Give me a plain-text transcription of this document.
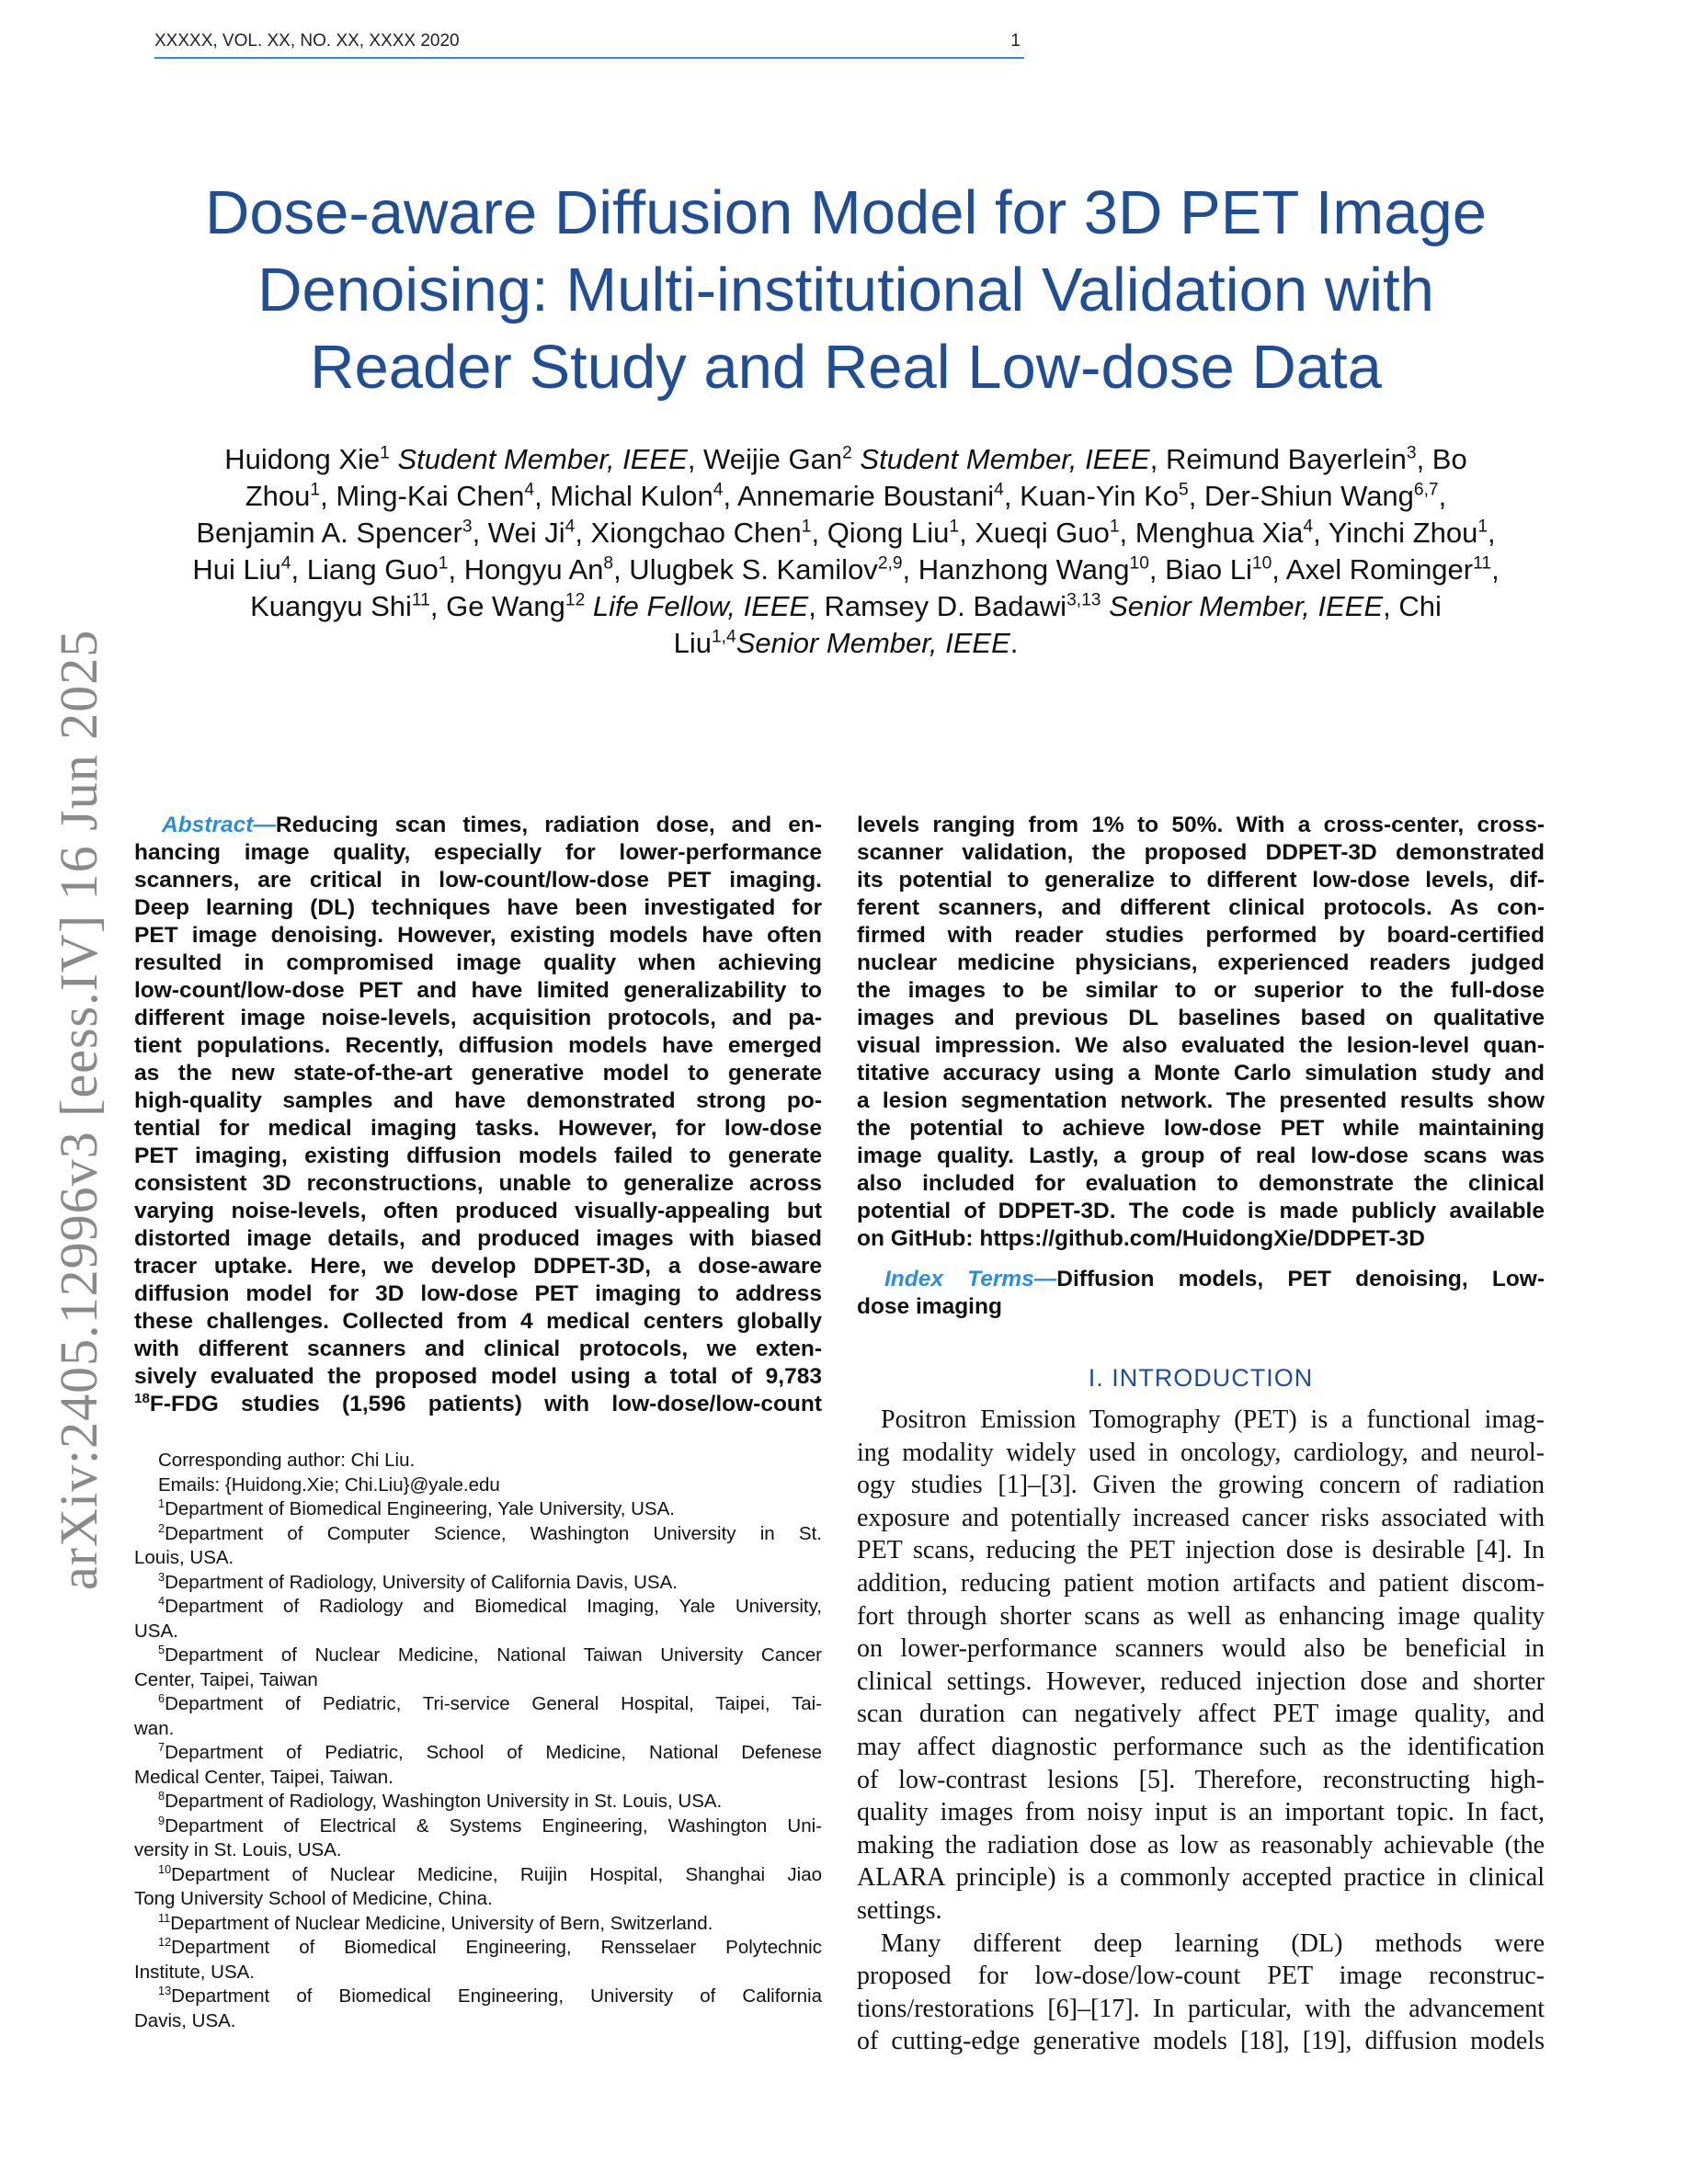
XXXXX, VOL. XX, NO. XX, XXXX 2020	1
Dose-aware Diffusion Model for 3D PET Image
Denoising: Multi-institutional Validation with
Reader Study and Real Low-dose Data
Huidong Xie$^1$ Student Member, IEEE, Weijie Gan$^2$ Student Member, IEEE, Reimund Bayerlein$^3$, Bo
Zhou$^1$, Ming-Kai Chen$^4$, Michal Kulon$^4$, Annemarie Boustani$^4$, Kuan-Yin Ko$^5$, Der-Shiun Wang$^{6,7}$,
Benjamin A. Spencer$^3$, Wei Ji$^4$, Xiongchao Chen$^1$, Qiong Liu$^1$, Xueqi Guo$^1$, Menghua Xia$^4$, Yinchi Zhou$^1$,
Hui Liu$^4$, Liang Guo$^1$, Hongyu An$^8$, Ulugbek S. Kamilov$^{2,9}$, Hanzhong Wang$^{10}$, Biao Li$^{10}$, Axel Rominger$^{11}$,
Kuangyu Shi$^{11}$, Ge Wang$^{12}$ Life Fellow, IEEE, Ramsey D. Badawi$^{3,13}$ Senior Member, IEEE, Chi
Liu$^{1,4}$Senior Member, IEEE.
arXiv:2405.12996v3 [eess.IV] 16 Jun 2025	Abstract—Reducing scan times, radiation dose, and en-
hancing image quality, especially for lower-performance
scanners, are critical in low-count/low-dose PET imaging.
Deep learning (DL) techniques have been investigated for
PET image denoising. However, existing models have often
resulted in compromised image quality when achieving
low-count/low-dose PET and have limited generalizability to
different image noise-levels, acquisition protocols, and pa-
tient populations. Recently, diffusion models have emerged
as the new state-of-the-art generative model to generate
high-quality samples and have demonstrated strong po-
tential for medical imaging tasks. However, for low-dose
PET imaging, existing diffusion models failed to generate
consistent 3D reconstructions, unable to generalize across
varying noise-levels, often produced visually-appealing but
distorted image details, and produced images with biased
tracer uptake. Here, we develop DDPET-3D, a dose-aware
diffusion model for 3D low-dose PET imaging to address
these challenges. Collected from 4 medical centers globally
with different scanners and clinical protocols, we exten-
sively evaluated the proposed model using a total of 9,783
$^{18}$F-FDG studies (1,596 patients) with low-dose/low-count
levels ranging from 1% to 50%. With a cross-center, cross-
scanner validation, the proposed DDPET-3D demonstrated
its potential to generalize to different low-dose levels, dif-
ferent scanners, and different clinical protocols. As con-
firmed with reader studies performed by board-certified
nuclear medicine physicians, experienced readers judged
the images to be similar to or superior to the full-dose
images and previous DL baselines based on qualitative
visual impression. We also evaluated the lesion-level quan-
titative accuracy using a Monte Carlo simulation study and
a lesion segmentation network. The presented results show
the potential to achieve low-dose PET while maintaining
image quality. Lastly, a group of real low-dose scans was
also included for evaluation to demonstrate the clinical
potential of DDPET-3D. The code is made publicly available
on GitHub: https://github.com/HuidongXie/DDPET-3D
Index Terms—Diffusion models, PET denoising, Low-
dose imaging

Corresponding author: Chi Liu.

Emails: {Huidong.Xie; Chi.Liu}@yale.edu

$^1$Department of Biomedical Engineering, Yale University, USA.

$^2$Department of Computer Science, Washington University in St.
Louis, USA.

$^3$Department of Radiology, University of California Davis, USA.

$^4$Department of Radiology and Biomedical Imaging, Yale University,
USA.

$^5$Department of Nuclear Medicine, National Taiwan University Cancer
Center, Taipei, Taiwan

$^6$Department of Pediatric, Tri-service General Hospital, Taipei, Tai-
wan.

$^7$Department of Pediatric, School of Medicine, National Defenese
Medical Center, Taipei, Taiwan.

$^8$Department of Radiology, Washington University in St. Louis, USA.

$^9$Department of Electrical & Systems Engineering, Washington Uni-
versity in St. Louis, USA.

$^{10}$Department of Nuclear Medicine, Ruijin Hospital, Shanghai Jiao
Tong University School of Medicine, China.

$^{11}$Department of Nuclear Medicine, University of Bern, Switzerland.

$^{12}$Department of Biomedical Engineering, Rensselaer Polytechnic
Institute, USA.

$^{13}$Department of Biomedical Engineering, University of California
Davis, USA.

I. INTRODUCTION
Positron Emission Tomography (PET) is a functional imag-
ing modality widely used in oncology, cardiology, and neurol-
ogy studies [1]–[3]. Given the growing concern of radiation
exposure and potentially increased cancer risks associated with
PET scans, reducing the PET injection dose is desirable [4]. In
addition, reducing patient motion artifacts and patient discom-
fort through shorter scans as well as enhancing image quality
on lower-performance scanners would also be beneficial in
clinical settings. However, reduced injection dose and shorter
scan duration can negatively affect PET image quality, and
may affect diagnostic performance such as the identification
of low-contrast lesions [5]. Therefore, reconstructing high-
quality images from noisy input is an important topic. In fact,
making the radiation dose as low as reasonably achievable (the
ALARA principle) is a commonly accepted practice in clinical
settings.
Many different deep learning (DL) methods were
proposed for low-dose/low-count PET image reconstruc-
tions/restorations [6]–[17]. In particular, with the advancement
of cutting-edge generative models [18], [19], diffusion models
